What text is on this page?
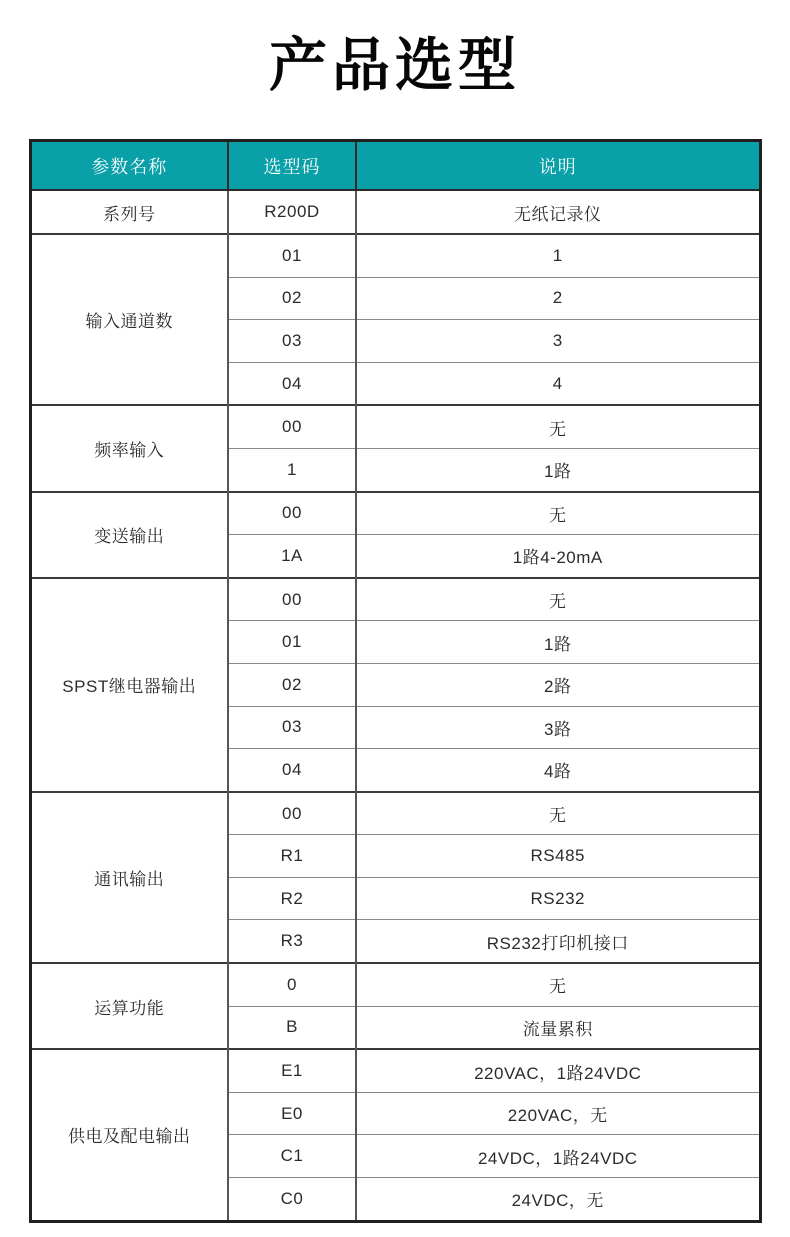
产品选型
参数名称	选型码	说明
系列号	R200D	无纸记录仪
输入通道数	01	1
	02	2
	03	3
	04	4
频率输入	00	无
	1	1路
变送输出	00	无
	1A	1路4-20mA
SPST继电器输出	00	无
	01	1路
	02	2路
	03	3路
	04	4路
通讯输出	00	无
	R1	RS485
	R2	RS232
	R3	RS232打印机接口
运算功能	0	无
	B	流量累积
供电及配电输出	E1	220VAC，1路24VDC
	E0	220VAC，无
	C1	24VDC，1路24VDC
	C0	24VDC，无
